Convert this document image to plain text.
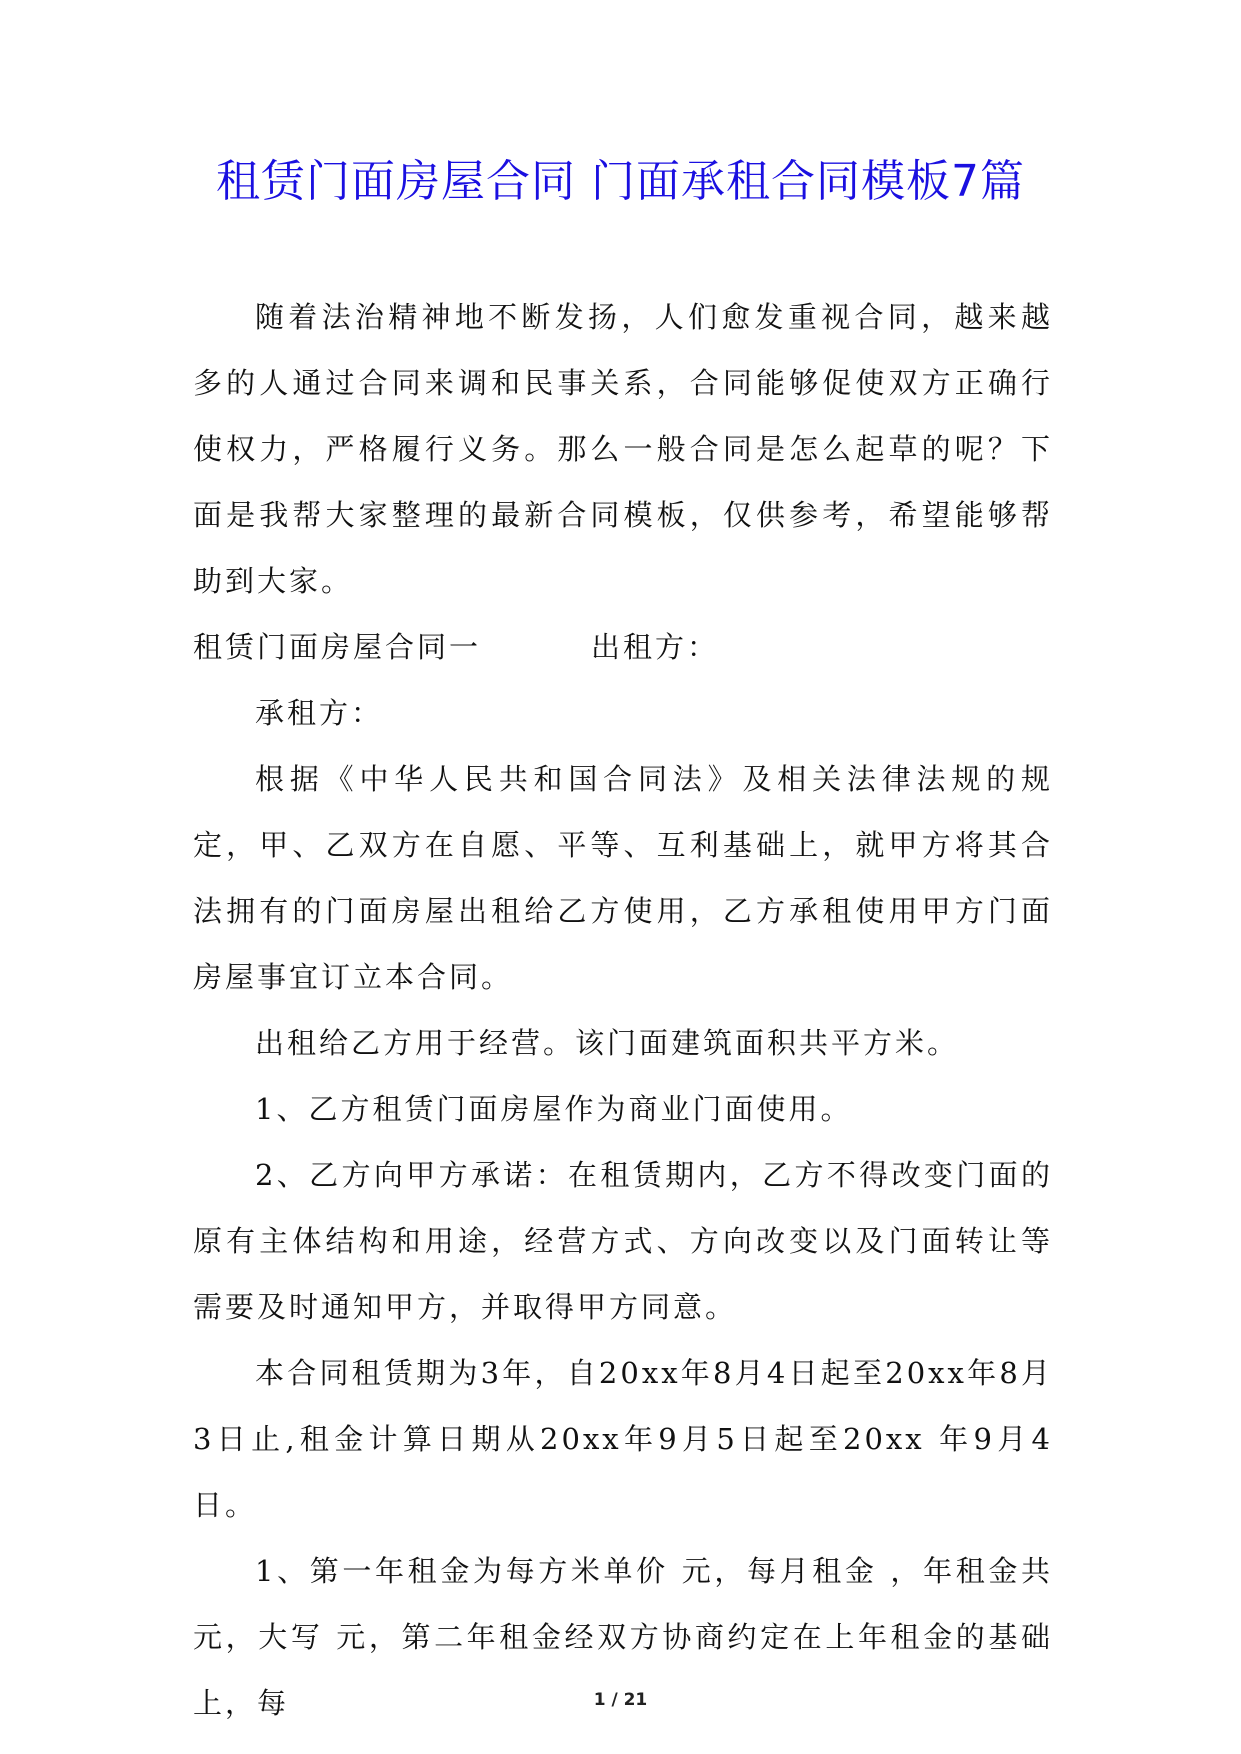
租赁门面房屋合同 门面承租合同模板7篇

随着法治精神地不断发扬，人们愈发重视合同，越来越多的人通过合同来调和民事关系，合同能够促使双方正确行使权力，严格履行义务。那么一般合同是怎么起草的呢？下面是我帮大家整理的最新合同模板，仅供参考，希望能够帮助到大家。

租赁门面房屋合同一	出租方：

承租方：

根据《中华人民共和国合同法》及相关法律法规的规定，甲、乙双方在自愿、平等、互利基础上，就甲方将其合法拥有的门面房屋出租给乙方使用，乙方承租使用甲方门面房屋事宜订立本合同。

出租给乙方用于经营。该门面建筑面积共平方米。

1、乙方租赁门面房屋作为商业门面使用。

2、乙方向甲方承诺：在租赁期内，乙方不得改变门面的原有主体结构和用途，经营方式、方向改变以及门面转让等需要及时通知甲方，并取得甲方同意。

本合同租赁期为3年，自20xx年8月4日起至20xx年8月3日止,租金计算日期从20xx年9月5日起至20xx 年9月4日。

1、第一年租金为每方米单价 元，每月租金 ，年租金共 元，大写 元，第二年租金经双方协商约定在上年租金的基础上，每	1 / 21
